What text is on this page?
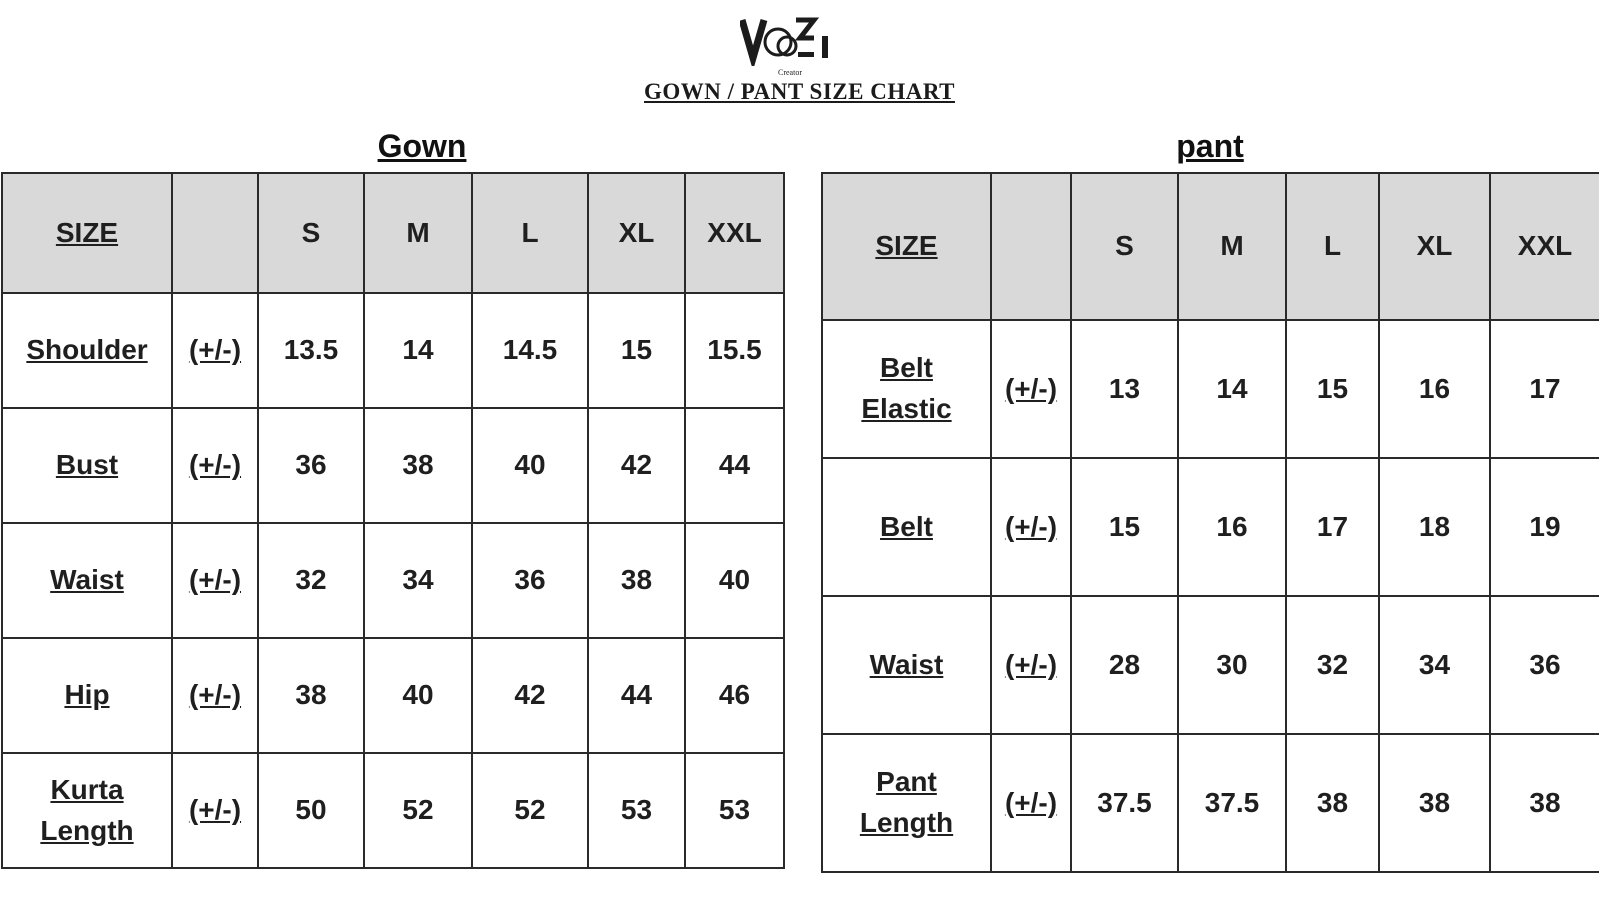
Creator
GOWN / PANT SIZE CHART
Gown	pant
SIZE		S	M	L	XL	XXL
Shoulder	(+/-)	13.5	14	14.5	15	15.5
Bust	(+/-)	36	38	40	42	44
Waist	(+/-)	32	34	36	38	40
Hip	(+/-)	38	40	42	44	46
Kurta Length	(+/-)	50	52	52	53	53
SIZE		S	M	L	XL	XXL
Belt Elastic	(+/-)	13	14	15	16	17
Belt	(+/-)	15	16	17	18	19
Waist	(+/-)	28	30	32	34	36
Pant Length	(+/-)	37.5	37.5	38	38	38
